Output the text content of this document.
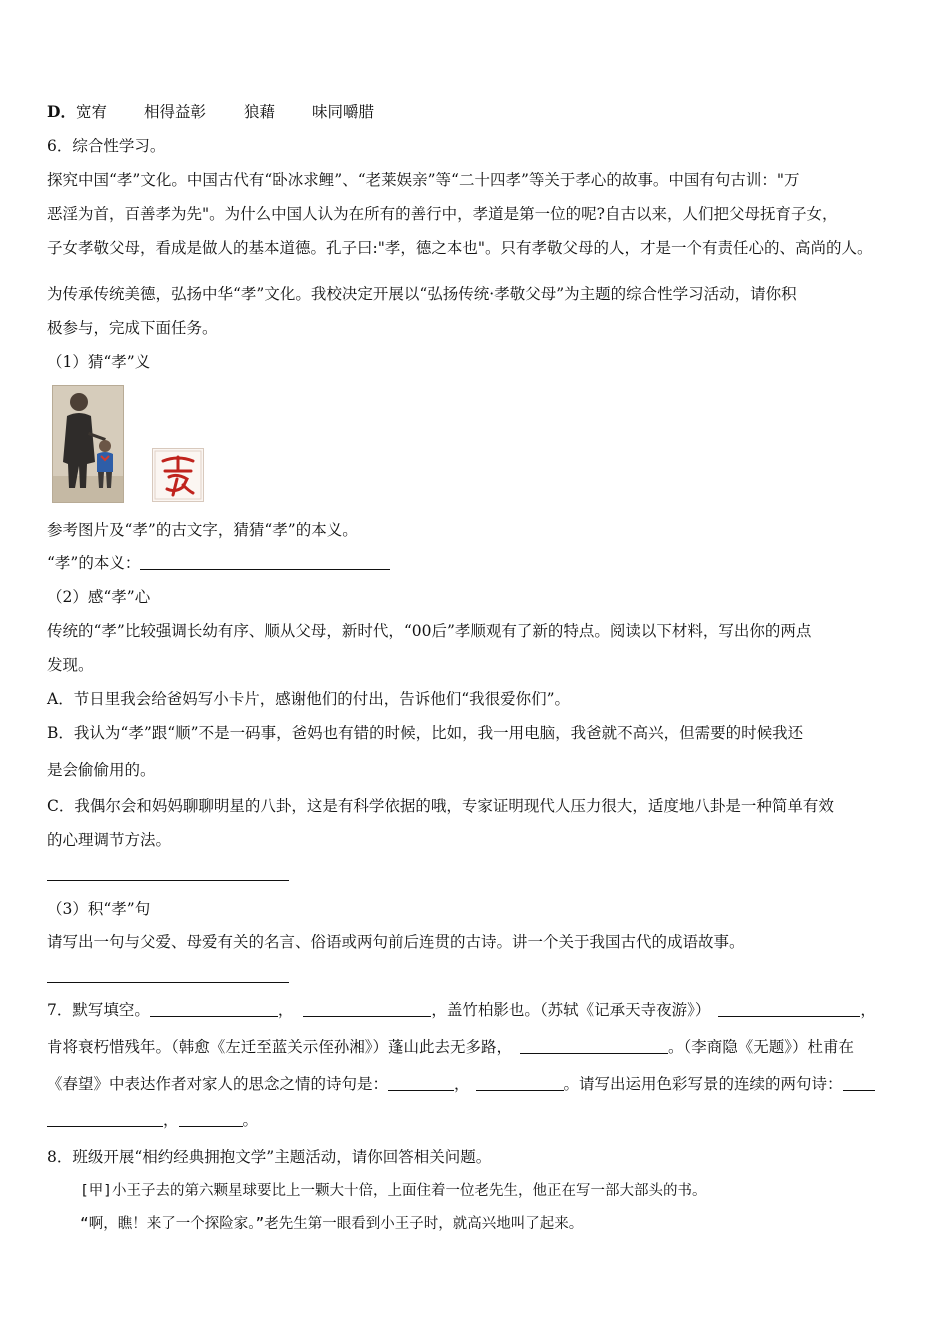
D．宽宥 相得益彰 狼藉 味同嚼腊
6．综合性学习。
探究中国“孝”文化。中国古代有“卧冰求鲤”、“老莱娱亲”等“二十四孝”等关于孝心的故事。中国有句古训："万
恶淫为首，百善孝为先"。为什么中国人认为在所有的善行中，孝道是第一位的呢?自古以来，人们把父母抚育子女，
子女孝敬父母，看成是做人的基本道德。孔子曰:"孝，德之本也"。只有孝敬父母的人，才是一个有责任心的、高尚的人。
为传承传统美德，弘扬中华“孝”文化。我校决定开展以“弘扬传统·孝敬父母”为主题的综合性学习活动，请你积
极参与，完成下面任务。
（1）猜“孝”义
参考图片及“孝”的古文字，猜猜“孝”的本义。
“孝”的本义：
（2）感“孝”心
传统的“孝”比较强调长幼有序、顺从父母，新时代，“00后”孝顺观有了新的特点。阅读以下材料，写出你的两点
发现。
A．节日里我会给爸妈写小卡片，感谢他们的付出，告诉他们“我很爱你们”。
B．我认为“孝”跟“顺”不是一码事，爸妈也有错的时候，比如，我一用电脑，我爸就不高兴，但需要的时候我还
是会偷偷用的。
C．我偶尔会和妈妈聊聊明星的八卦，这是有科学依据的哦，专家证明现代人压力很大，适度地八卦是一种简单有效
的心理调节方法。
（3）积“孝”句
请写出一句与父爱、母爱有关的名言、俗语或两句前后连贯的古诗。讲一个关于我国古代的成语故事。
7．默写填空。	，	，盖竹柏影也。（苏轼《记承天寺夜游》）	，
肯将衰朽惜残年。（韩愈《左迁至蓝关示侄孙湘》）蓬山此去无多路，	。（李商隐《无题》）杜甫在
《春望》中表达作者对家人的思念之情的诗句是：	，	。请写出运用色彩写景的连续的两句诗：
，	。
8．班级开展“相约经典拥抱文学”主题活动，请你回答相关问题。
[甲]小王子去的第六颗星球要比上一颗大十倍，上面住着一位老先生，他正在写一部大部头的书。
“啊，瞧！来了一个探险家。”老先生第一眼看到小王子时，就高兴地叫了起来。
